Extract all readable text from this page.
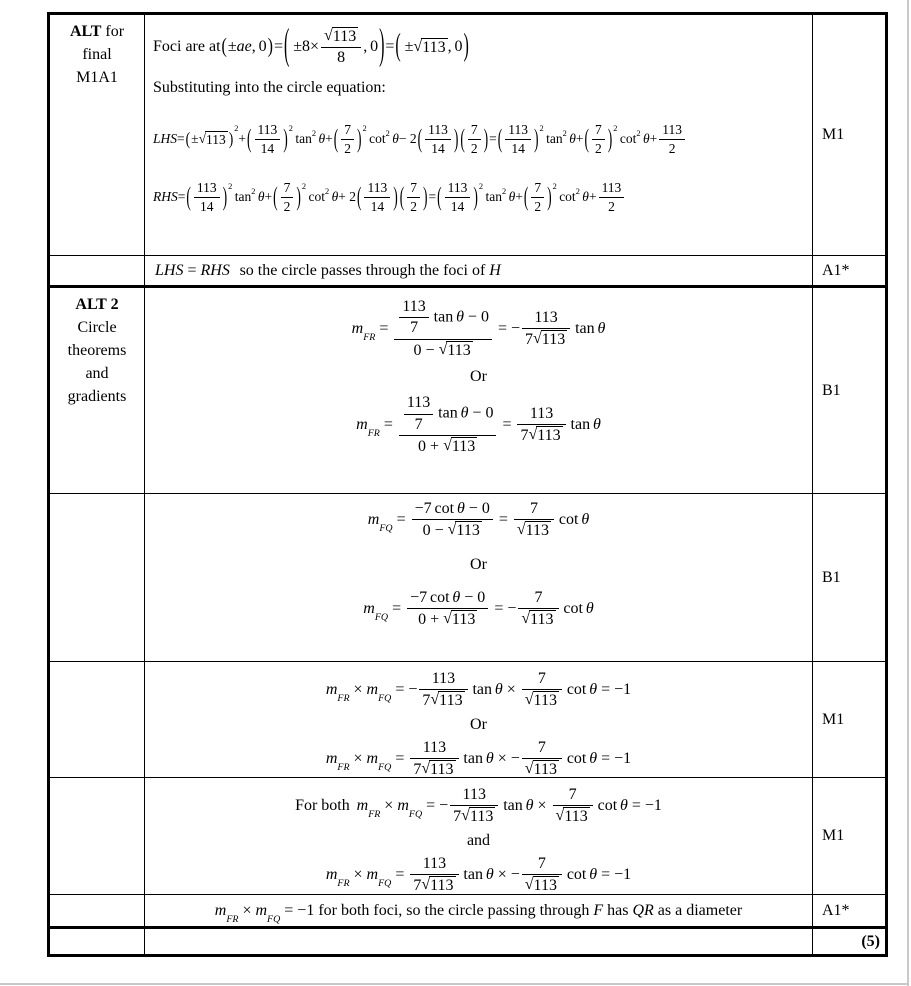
ALT for
final
M1A1
Foci are at ( ± ae , 0 ) = ( $\pm 8\times \frac{√113}{8}$ , 0 ) = ( ± √113 , 0 )
Substituting into the circle equation:
LHS = ( ± √113 )
$^2$
+ ( $\frac{113}{14} )^2$
$\tan^2 \theta$ + ( $\frac{7}{2} )^2$
$\cot^2 \theta - 2$ ( $\frac{113}{14}$ ) ( $\frac{7}{2}$ ) = ( $\frac{113}{14} )^2$
$\tan^2 \theta$ + ( $\frac{7}{2} )^2$
$\cot^2 \theta + \frac{113}{2}$
RHS = ( $\frac{113}{14} )^2$
$\tan^2 \theta$ + ( $\frac{7}{2} )^2$
$\cot^2 \theta + 2$ ( $\frac{113}{14}$ ) ( $\frac{7}{2}$ ) = ( $\frac{113}{14} )^2$
$\tan^2 \theta$ + ( $\frac{7}{2} )^2$
$\cot^2 \theta + \frac{113}{2}$
M1
LHS = RHS so the circle passes through the foci of H	A1*
ALT 2
Circle
theorems
and
gradients
$m_{FR} = \frac{\frac{113}{7} \tan \theta - 0}{0 - √113}$ = − $\frac{113}{7√113}$ tan θ
Or
$m_{FR} = \frac{\frac{113}{7} \tan \theta - 0}{0 + √113} = \frac{113}{7√113}$ tan θ
B1
$m_{FQ} = \frac{\text{−7 cot θ − 0}}{0 - √113} = \frac{7}{√113}$ cot θ
Or
$m_{FQ} = \frac{\text{−7 cot θ − 0}}{0 + √113}$ = − $\frac{7}{√113}$ cot θ
B1
$m_{FR} \times m_{FQ}$ = − $\frac{113}{7√113}$ $\tan \theta \times \frac{7}{√113}$ cot θ = −1
Or
$m_{FR} \times m_{FQ} = \frac{113}{7√113}$ tan θ × − $\frac{7}{√113}$ cot θ = −1
M1
For both $m_{FR} \times m_{FQ}$ = − $\frac{113}{7√113}$ $\tan \theta \times \frac{7}{√113}$ cot θ = −1
and
$m_{FR} \times m_{FQ} = \frac{113}{7√113}$ tan θ × − $\frac{7}{√113}$ cot θ = −1
M1
$m_{FR} \times m_{FQ} = -1$ for both foci, so the circle passing through F has QR as a diameter	A1*
(5)
